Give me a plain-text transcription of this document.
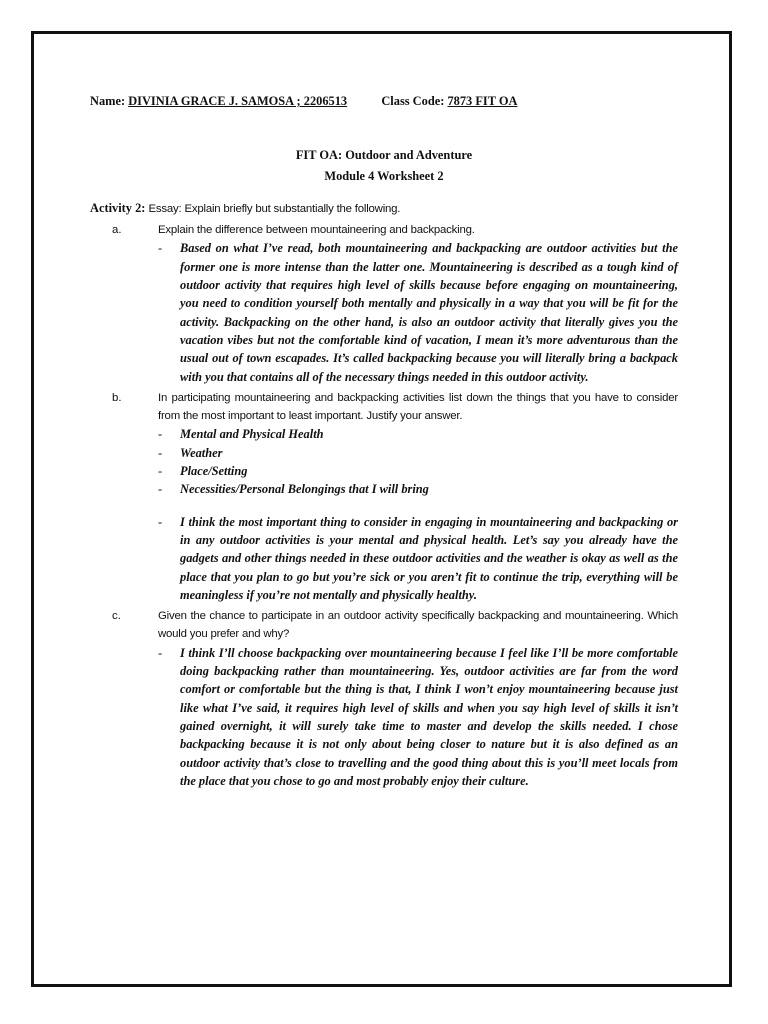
Name: DIVINIA GRACE J. SAMOSA ; 2206513	Class Code: 7873 FIT OA

FIT OA: Outdoor and Adventure

Module 4 Worksheet 2

Activity 2: Essay: Explain briefly but substantially the following.
a.	Explain the difference between mountaineering and backpacking.

- Based on what I’ve read, both mountaineering and backpacking are outdoor activities but the former one is more intense than the latter one. Mountaineering is described as a tough kind of outdoor activity that requires high level of skills because before engaging on mountaineering, you need to condition yourself both mentally and physically in a way that you will be fit for the activity. Backpacking on the other hand, is also an outdoor activity that literally gives you the vacation vibes but not the comfortable kind of vacation, I mean it’s more adventurous than the usual out of town escapades. It’s called backpacking because you will literally bring a backpack with you that contains all of the necessary things needed in this outdoor activity.

b.	In participating mountaineering and backpacking activities list down the things that you have to consider from the most important to least important. Justify your answer.

- Mental and Physical Health

- Weather

- Place/Setting

- Necessities/Personal Belongings that I will bring

- I think the most important thing to consider in engaging in mountaineering and backpacking or in any outdoor activities is your mental and physical health. Let’s say you already have the gadgets and other things needed in these outdoor activities and the weather is okay as well as the place that you plan to go but you’re sick or you aren’t fit to continue the trip, everything will be meaningless if you’re not mentally and physically healthy.

c.	Given the chance to participate in an outdoor activity specifically backpacking and mountaineering. Which would you prefer and why?

- I think I’ll choose backpacking over mountaineering because I feel like I’ll be more comfortable doing backpacking rather than mountaineering. Yes, outdoor activities are far from the word comfort or comfortable but the thing is that, I think I won’t enjoy mountaineering because just like what I’ve said, it requires high level of skills and when you say high level of skills it isn’t gained overnight, it will surely take time to master and develop the skills needed. I chose backpacking because it is not only about being closer to nature but it is also defined as an outdoor activity that’s close to travelling and the good thing about this is you’ll meet locals from the place that you chose to go and most probably enjoy their culture.
